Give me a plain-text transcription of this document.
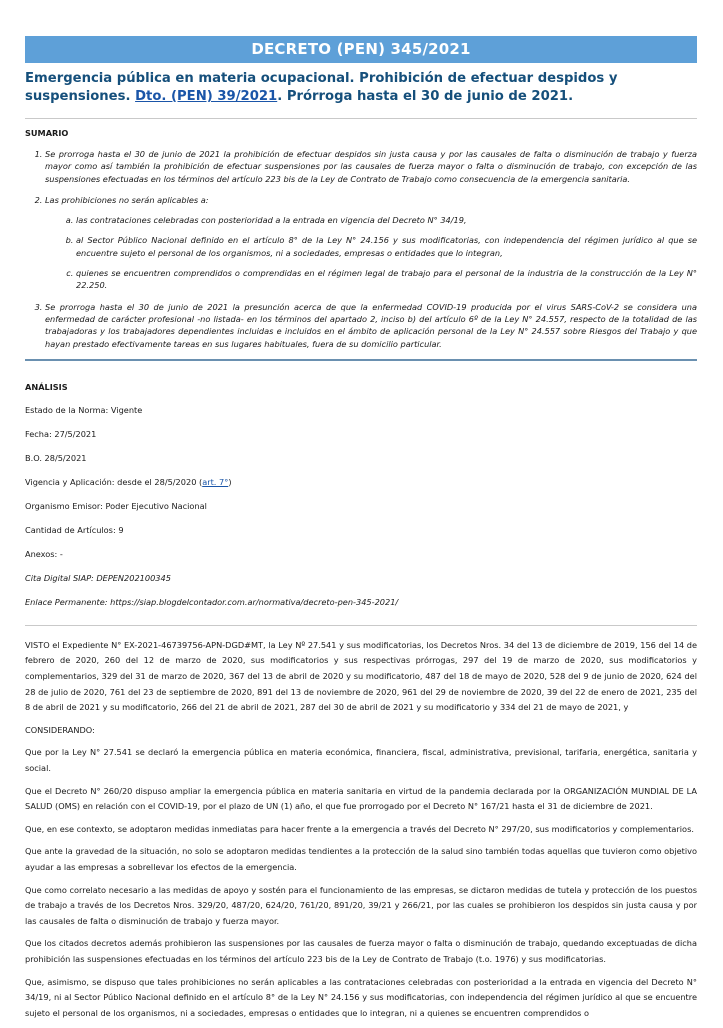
DECRETO (PEN) 345/2021
Emergencia pública en materia ocupacional. Prohibición de efectuar despidos y suspensiones. Dto. (PEN) 39/2021. Prórroga hasta el 30 de junio de 2021.
SUMARIO
1. Se prorroga hasta el 30 de junio de 2021 la prohibición de efectuar despidos sin justa causa y por las causales de falta o disminución de trabajo y fuerza mayor como así también la prohibición de efectuar suspensiones por las causales de fuerza mayor o falta o disminución de trabajo, con excepción de las suspensiones efectuadas en los términos del artículo 223 bis de la Ley de Contrato de Trabajo como consecuencia de la emergencia sanitaria.
2. Las prohibiciones no serán aplicables a:
a. las contrataciones celebradas con posterioridad a la entrada en vigencia del Decreto N° 34/19,
b. al Sector Público Nacional definido en el artículo 8° de la Ley N° 24.156 y sus modificatorias, con independencia del régimen jurídico al que se encuentre sujeto el personal de los organismos, ni a sociedades, empresas o entidades que lo integran,
c. quienes se encuentren comprendidos o comprendidas en el régimen legal de trabajo para el personal de la industria de la construcción de la Ley N° 22.250.
3. Se prorroga hasta el 30 de junio de 2021 la presunción acerca de que la enfermedad COVID-19 producida por el virus SARS-CoV-2 se considera una enfermedad de carácter profesional -no listada- en los términos del apartado 2, inciso b) del artículo 6º de la Ley N° 24.557, respecto de la totalidad de las trabajadoras y los trabajadores dependientes incluidas e incluidos en el ámbito de aplicación personal de la Ley N° 24.557 sobre Riesgos del Trabajo y que hayan prestado efectivamente tareas en sus lugares habituales, fuera de su domicilio particular.
ANÁLISIS
Estado de la Norma: Vigente
Fecha: 27/5/2021
B.O. 28/5/2021
Vigencia y Aplicación: desde el 28/5/2020 (art. 7°)
Organismo Emisor: Poder Ejecutivo Nacional
Cantidad de Artículos: 9
Anexos: -
Cita Digital SIAP: DEPEN202100345
Enlace Permanente: https://siap.blogdelcontador.com.ar/normativa/decreto-pen-345-2021/

VISTO el Expediente N° EX-2021-46739756-APN-DGD#MT, la Ley Nº 27.541 y sus modificatorias, los Decretos Nros. 34 del 13 de diciembre de 2019, 156 del 14 de febrero de 2020, 260 del 12 de marzo de 2020, sus modificatorios y sus respectivas prórrogas, 297 del 19 de marzo de 2020, sus modificatorios y complementarios, 329 del 31 de marzo de 2020, 367 del 13 de abril de 2020 y su modificatorio, 487 del 18 de mayo de 2020, 528 del 9 de junio de 2020, 624 del 28 de julio de 2020, 761 del 23 de septiembre de 2020, 891 del 13 de noviembre de 2020, 961 del 29 de noviembre de 2020, 39 del 22 de enero de 2021, 235 del 8 de abril de 2021 y su modificatorio, 266 del 21 de abril de 2021, 287 del 30 de abril de 2021 y su modificatorio y 334 del 21 de mayo de 2021, y

CONSIDERANDO:

Que por la Ley N° 27.541 se declaró la emergencia pública en materia económica, financiera, fiscal, administrativa, previsional, tarifaria, energética, sanitaria y social.

Que el Decreto N° 260/20 dispuso ampliar la emergencia pública en materia sanitaria en virtud de la pandemia declarada por la ORGANIZACIÓN MUNDIAL DE LA SALUD (OMS) en relación con el COVID-19, por el plazo de UN (1) año, el que fue prorrogado por el Decreto N° 167/21 hasta el 31 de diciembre de 2021.

Que, en ese contexto, se adoptaron medidas inmediatas para hacer frente a la emergencia a través del Decreto N° 297/20, sus modificatorios y complementarios.

Que ante la gravedad de la situación, no solo se adoptaron medidas tendientes a la protección de la salud sino también todas aquellas que tuvieron como objetivo ayudar a las empresas a sobrellevar los efectos de la emergencia.

Que como correlato necesario a las medidas de apoyo y sostén para el funcionamiento de las empresas, se dictaron medidas de tutela y protección de los puestos de trabajo a través de los Decretos Nros. 329/20, 487/20, 624/20, 761/20, 891/20, 39/21 y 266/21, por las cuales se prohibieron los despidos sin justa causa y por las causales de falta o disminución de trabajo y fuerza mayor.

Que los citados decretos además prohibieron las suspensiones por las causales de fuerza mayor o falta o disminución de trabajo, quedando exceptuadas de dicha prohibición las suspensiones efectuadas en los términos del artículo 223 bis de la Ley de Contrato de Trabajo (t.o. 1976) y sus modificatorias.

Que, asimismo, se dispuso que tales prohibiciones no serán aplicables a las contrataciones celebradas con posterioridad a la entrada en vigencia del Decreto N° 34/19, ni al Sector Público Nacional definido en el artículo 8° de la Ley N° 24.156 y sus modificatorias, con independencia del régimen jurídico al que se encuentre sujeto el personal de los organismos, ni a sociedades, empresas o entidades que lo integran, ni a quienes se encuentren comprendidos o
